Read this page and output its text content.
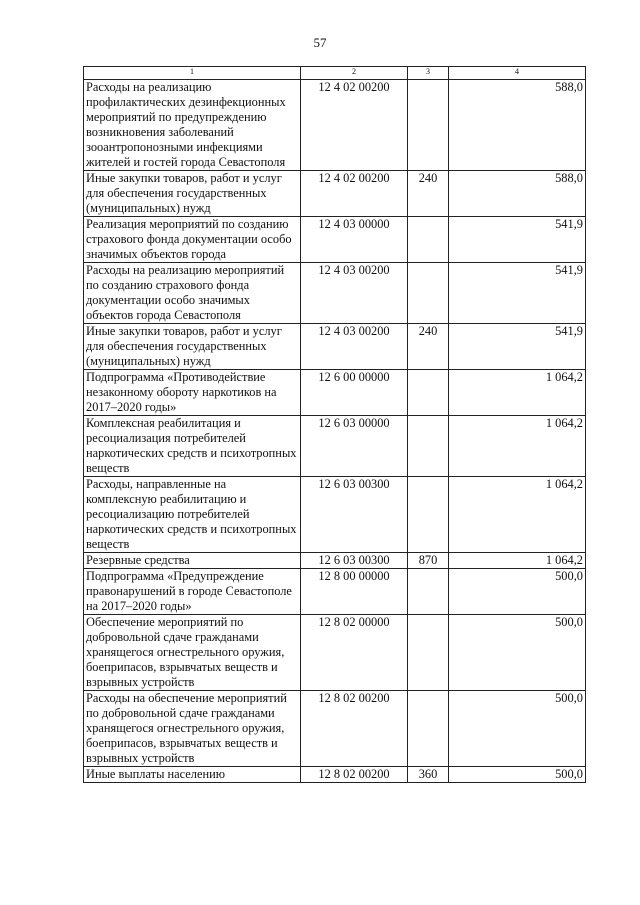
57
1	2	3	4
Расходы на реализацию профилактических дезинфекционных мероприятий по предупреждению возникновения заболеваний зооантропонозными инфекциями жителей и гостей города Севастополя	12 4 02 00200		588,0
Иные закупки товаров, работ и услуг для обеспечения государственных (муниципальных) нужд	12 4 02 00200	240	588,0
Реализация мероприятий по созданию страхового фонда документации особо значимых объектов города	12 4 03 00000		541,9
Расходы на реализацию мероприятий по созданию страхового фонда документации особо значимых объектов города Севастополя	12 4 03 00200		541,9
Иные закупки товаров, работ и услуг для обеспечения государственных (муниципальных) нужд	12 4 03 00200	240	541,9
Подпрограмма «Противодействие незаконному обороту наркотиков на 2017–2020 годы»	12 6 00 00000		1 064,2
Комплексная реабилитация и ресоциализация потребителей наркотических средств и психотропных веществ	12 6 03 00000		1 064,2
Расходы, направленные на комплексную реабилитацию и ресоциализацию потребителей наркотических средств и психотропных веществ	12 6 03 00300		1 064,2
Резервные средства	12 6 03 00300	870	1 064,2
Подпрограмма «Предупреждение правонарушений в городе Севастополе на 2017–2020 годы»	12 8 00 00000		500,0
Обеспечение мероприятий по добровольной сдаче гражданами хранящегося огнестрельного оружия, боеприпасов, взрывчатых веществ и взрывных устройств	12 8 02 00000		500,0
Расходы на обеспечение мероприятий по добровольной сдаче гражданами хранящегося огнестрельного оружия, боеприпасов, взрывчатых веществ и взрывных устройств	12 8 02 00200		500,0
Иные выплаты населению	12 8 02 00200	360	500,0
